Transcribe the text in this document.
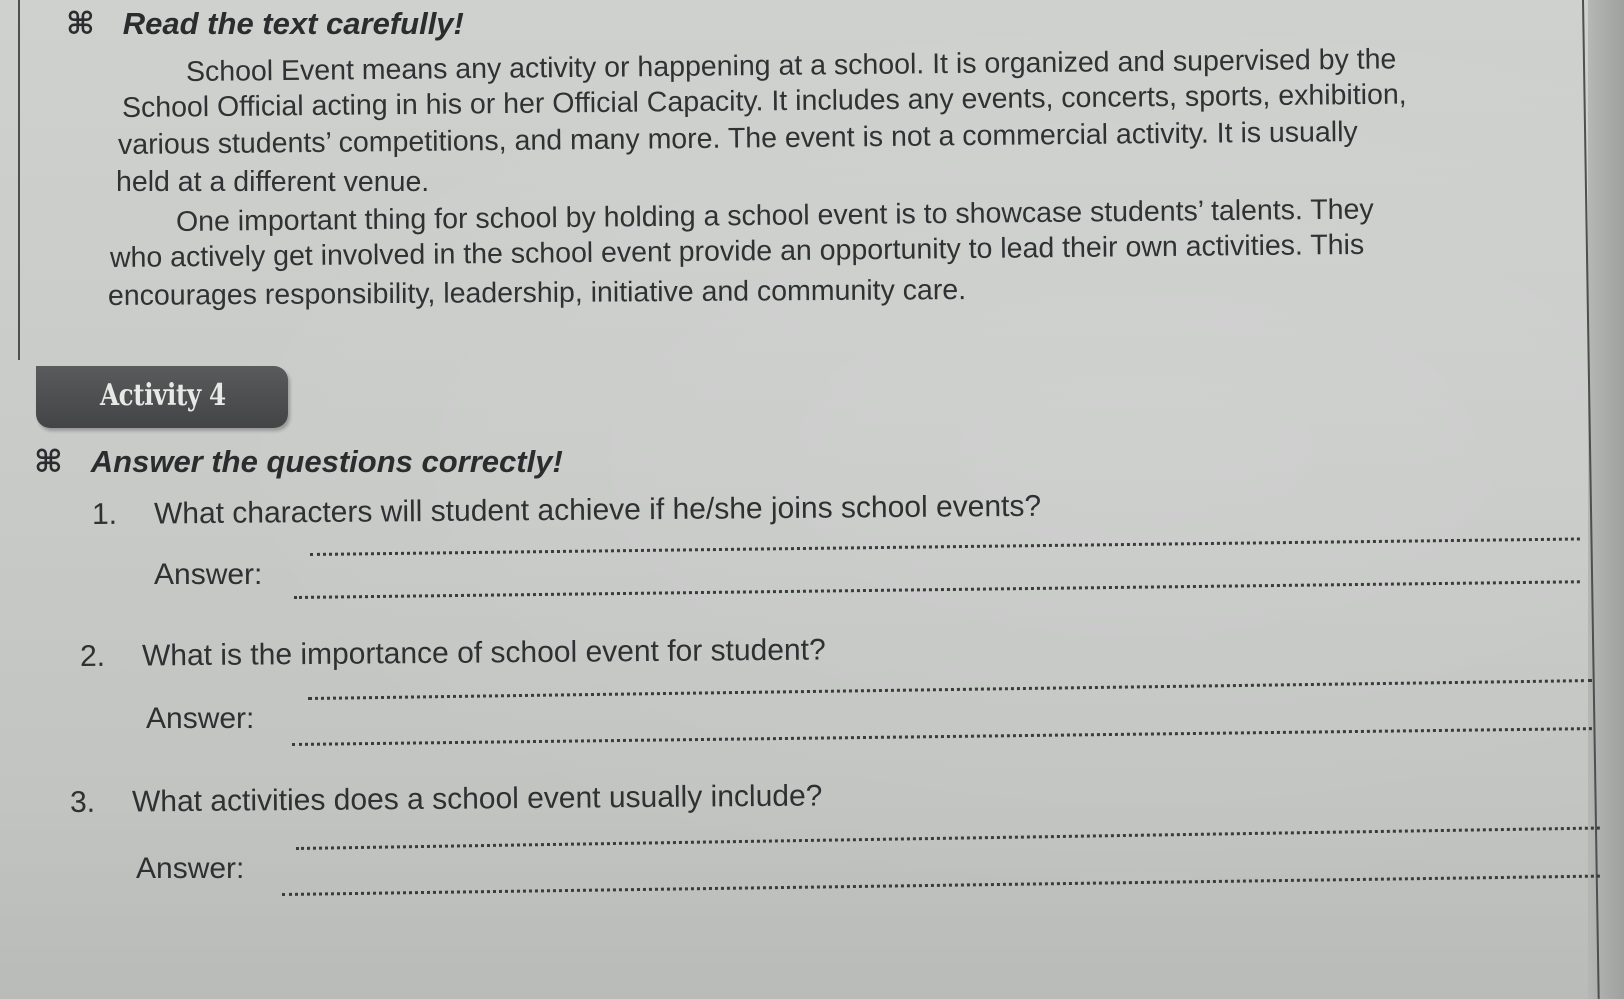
⌘ Read the text carefully!
School Event means any activity or happening at a school. It is organized and supervised by the
School Official acting in his or her Official Capacity. It includes any events, concerts, sports, exhibition,
various students’ competitions, and many more. The event is not a commercial activity. It is usually
held at a different venue.
One important thing for school by holding a school event is to showcase students’ talents. They
who actively get involved in the school event provide an opportunity to lead their own activities. This
encourages responsibility, leadership, initiative and community care.
Activity 4
⌘ Answer the questions correctly!
1. What characters will student achieve if he/she joins school events?
Answer:
2. What is the importance of school event for student?
Answer:
3. What activities does a school event usually include?
Answer:
